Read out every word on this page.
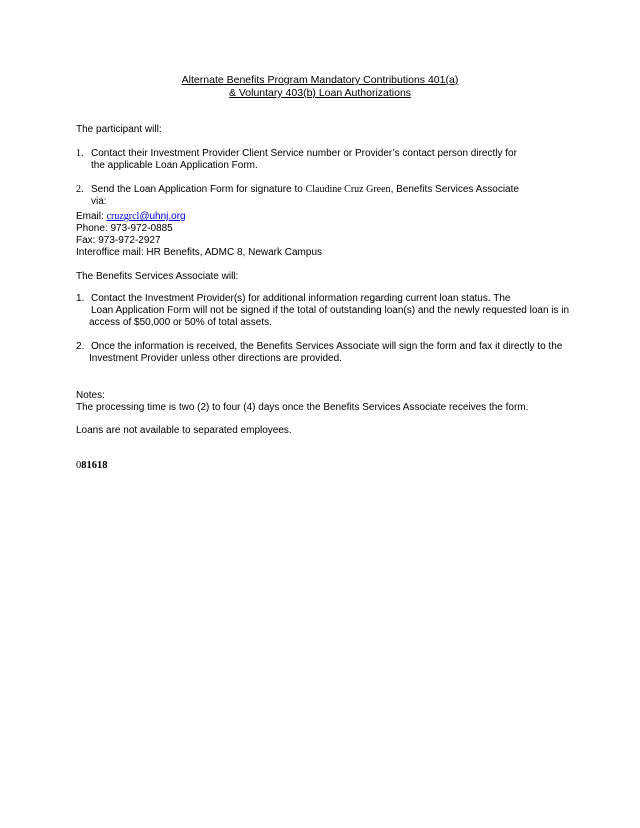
Alternate Benefits Program Mandatory Contributions 401(a)
& Voluntary 403(b) Loan Authorizations
The participant will:
1. Contact their Investment Provider Client Service number or Provider’s contact person directly for
the applicable Loan Application Form.
2. Send the Loan Application Form for signature to Claudine Cruz Green, Benefits Services Associate
via:
Email: cruzgrcl@uhnj.org
Phone: 973-972-0885
Fax: 973-972-2927
Interoffice mail: HR Benefits, ADMC 8, Newark Campus
The Benefits Services Associate will:
1. Contact the Investment Provider(s) for additional information regarding current loan status. The
Loan Application Form will not be signed if the total of outstanding loan(s) and the newly requested loan is in
access of $50,000 or 50% of total assets.
2. Once the information is received, the Benefits Services Associate will sign the form and fax it directly to the
Investment Provider unless other directions are provided.
Notes:
The processing time is two (2) to four (4) days once the Benefits Services Associate receives the form.
Loans are not available to separated employees.
081618
